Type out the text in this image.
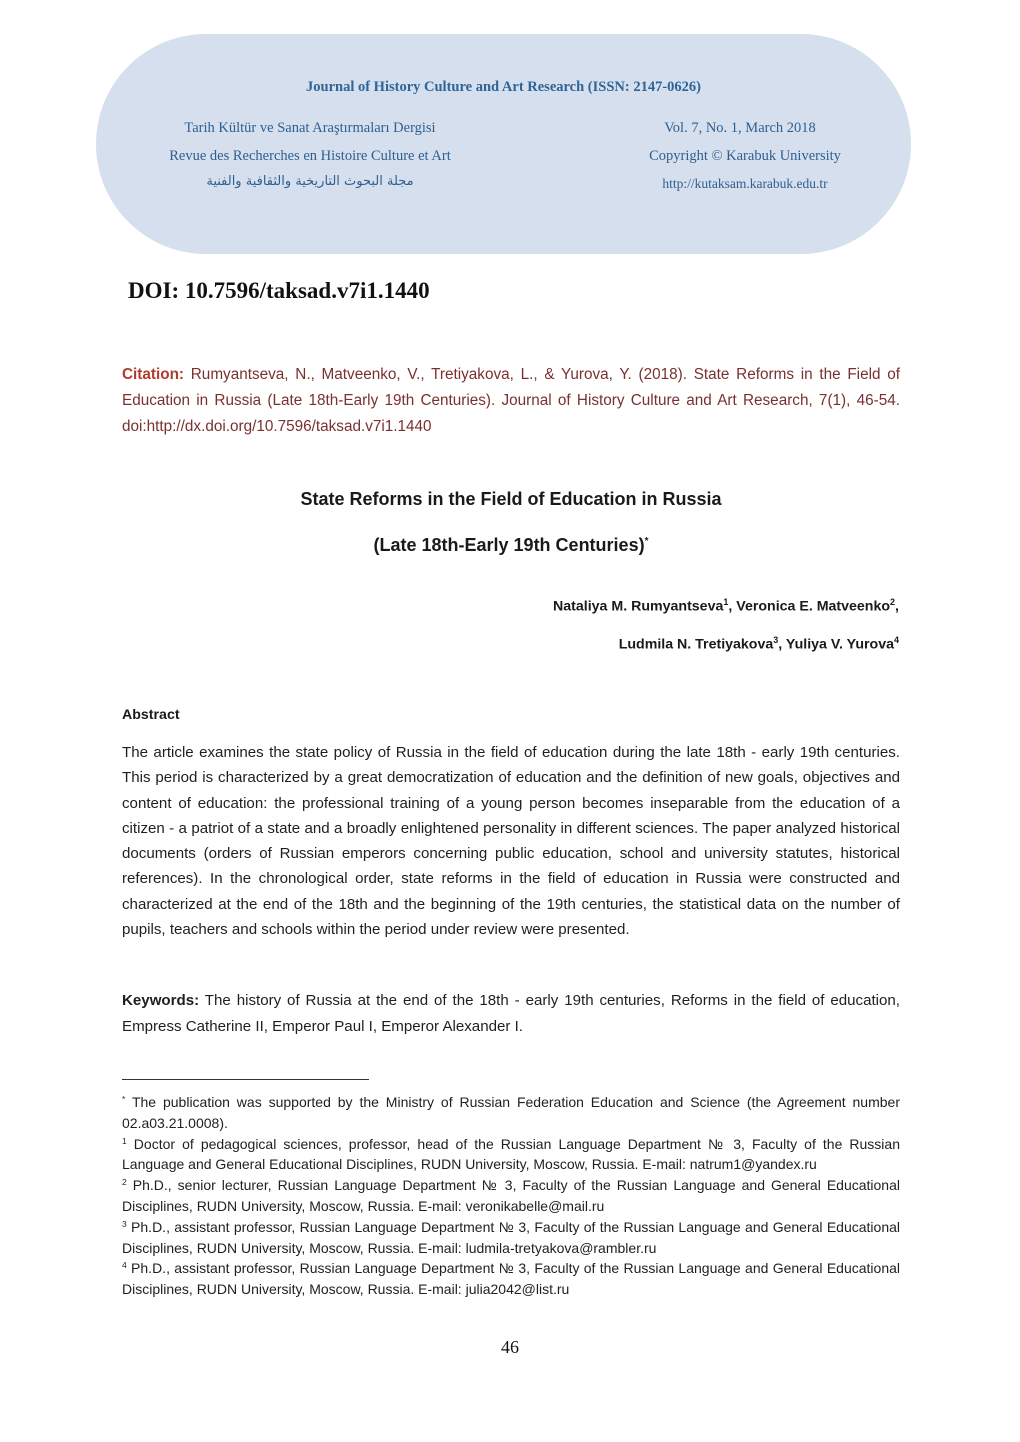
Journal of History Culture and Art Research (ISSN: 2147-0626)
Tarih Kültür ve Sanat Araştırmaları Dergisi
Revue des Recherches en Histoire Culture et Art
مجلة البحوث التاريخية والثقافية والفنية
Vol. 7, No. 1, March 2018
Copyright © Karabuk University
http://kutaksam.karabuk.edu.tr
DOI: 10.7596/taksad.v7i1.1440
Citation: Rumyantseva, N., Matveenko, V., Tretiyakova, L., & Yurova, Y. (2018). State Reforms in the Field of Education in Russia (Late 18th-Early 19th Centuries). Journal of History Culture and Art Research, 7(1), 46-54. doi:http://dx.doi.org/10.7596/taksad.v7i1.1440
State Reforms in the Field of Education in Russia
(Late 18th-Early 19th Centuries)*
Nataliya M. Rumyantseva$^1$, Veronica E. Matveenko$^2$,
Ludmila N. Tretiyakova$^3$, Yuliya V. Yurova$^4$
Abstract
The article examines the state policy of Russia in the field of education during the late 18th - early 19th centuries. This period is characterized by a great democratization of education and the definition of new goals, objectives and content of education: the professional training of a young person becomes inseparable from the education of a citizen - a patriot of a state and a broadly enlightened personality in different sciences. The paper analyzed historical documents (orders of Russian emperors concerning public education, school and university statutes, historical references). In the chronological order, state reforms in the field of education in Russia were constructed and characterized at the end of the 18th and the beginning of the 19th centuries, the statistical data on the number of pupils, teachers and schools within the period under review were presented.
Keywords: The history of Russia at the end of the 18th - early 19th centuries, Reforms in the field of education, Empress Catherine II, Emperor Paul I, Emperor Alexander I.

* The publication was supported by the Ministry of Russian Federation Education and Science (the Agreement number 02.a03.21.0008).

$^1$ Doctor of pedagogical sciences, professor, head of the Russian Language Department № 3, Faculty of the Russian Language and General Educational Disciplines, RUDN University, Moscow, Russia. E-mail: natrum1@yandex.ru

$^2$ Ph.D., senior lecturer, Russian Language Department № 3, Faculty of the Russian Language and General Educational Disciplines, RUDN University, Moscow, Russia. E-mail: veronikabelle@mail.ru

$^3$ Ph.D., assistant professor, Russian Language Department № 3, Faculty of the Russian Language and General Educational Disciplines, RUDN University, Moscow, Russia. E-mail: ludmila-tretyakova@rambler.ru

$^4$ Ph.D., assistant professor, Russian Language Department № 3, Faculty of the Russian Language and General Educational Disciplines, RUDN University, Moscow, Russia. E-mail: julia2042@list.ru

46
